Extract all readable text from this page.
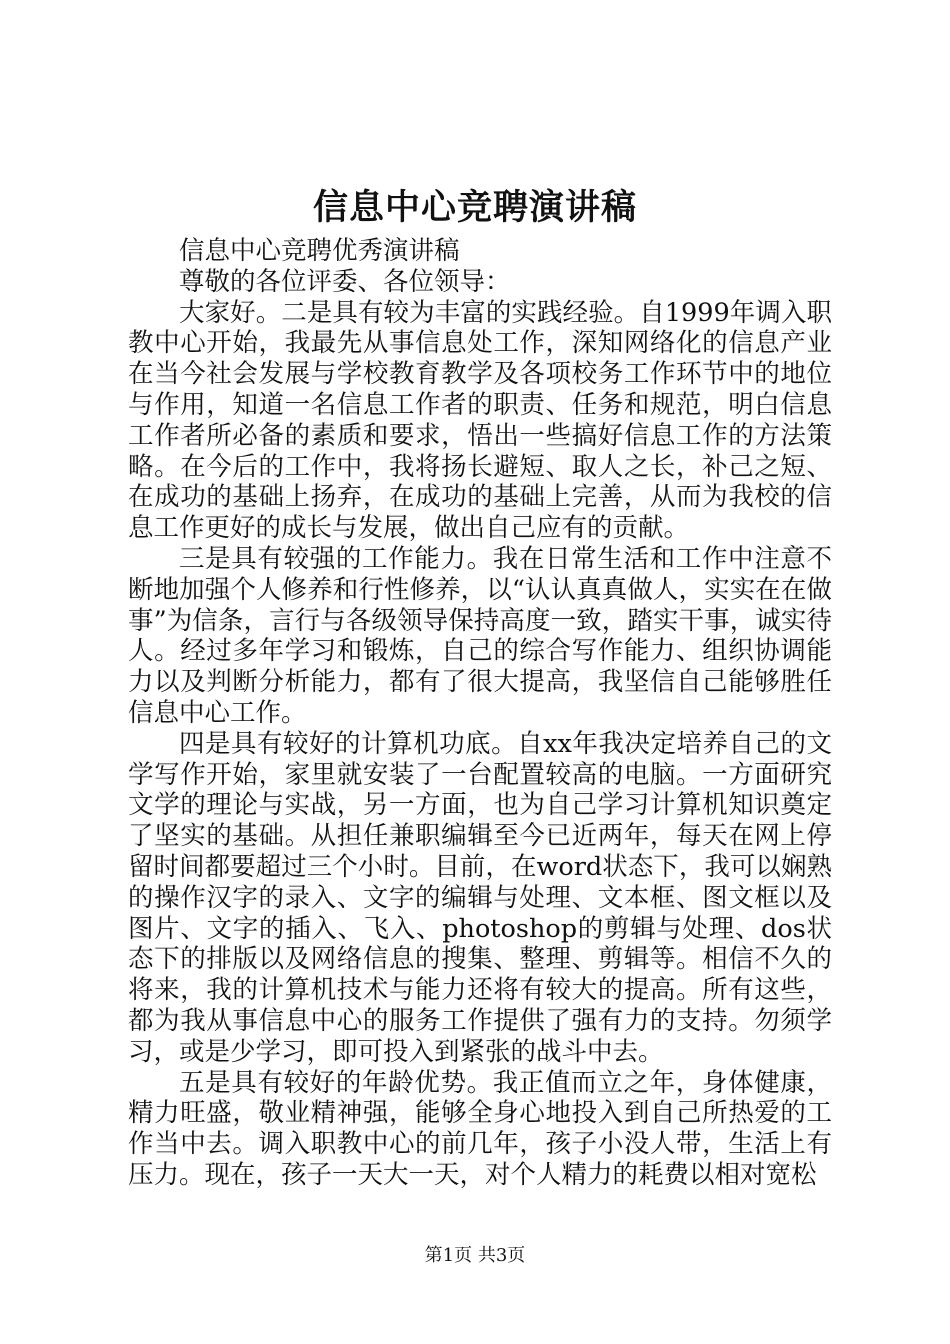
信息中心竞聘演讲稿

信息中心竞聘优秀演讲稿

尊敬的各位评委、各位领导：

大家好。二是具有较为丰富的实践经验。自1999年调入职教中心开始，我最先从事信息处工作，深知网络化的信息产业在当今社会发展与学校教育教学及各项校务工作环节中的地位与作用，知道一名信息工作者的职责、任务和规范，明白信息工作者所必备的素质和要求，悟出一些搞好信息工作的方法策略。在今后的工作中，我将扬长避短、取人之长，补己之短、在成功的基础上扬弃，在成功的基础上完善，从而为我校的信息工作更好的成长与发展，做出自己应有的贡献。

三是具有较强的工作能力。我在日常生活和工作中注意不断地加强个人修养和行性修养，以“认认真真做人，实实在在做事”为信条，言行与各级领导保持高度一致，踏实干事，诚实待人。经过多年学习和锻炼，自己的综合写作能力、组织协调能力以及判断分析能力，都有了很大提高，我坚信自己能够胜任信息中心工作。

四是具有较好的计算机功底。自xx年我决定培养自己的文学写作开始，家里就安装了一台配置较高的电脑。一方面研究文学的理论与实战，另一方面，也为自己学习计算机知识奠定了坚实的基础。从担任兼职编辑至今已近两年，每天在网上停留时间都要超过三个小时。目前，在word状态下，我可以娴熟的操作汉字的录入、文字的编辑与处理、文本框、图文框以及图片、文字的插入、飞入、photoshop的剪辑与处理、dos状态下的排版以及网络信息的搜集、整理、剪辑等。相信不久的将来，我的计算机技术与能力还将有较大的提高。所有这些，都为我从事信息中心的服务工作提供了强有力的支持。勿须学习，或是少学习，即可投入到紧张的战斗中去。

五是具有较好的年龄优势。我正值而立之年，身体健康，精力旺盛，敬业精神强，能够全身心地投入到自己所热爱的工作当中去。调入职教中心的前几年，孩子小没人带，生活上有压力。现在，孩子一天大一天，对个人精力的耗费以相对宽松

第1页 共3页
